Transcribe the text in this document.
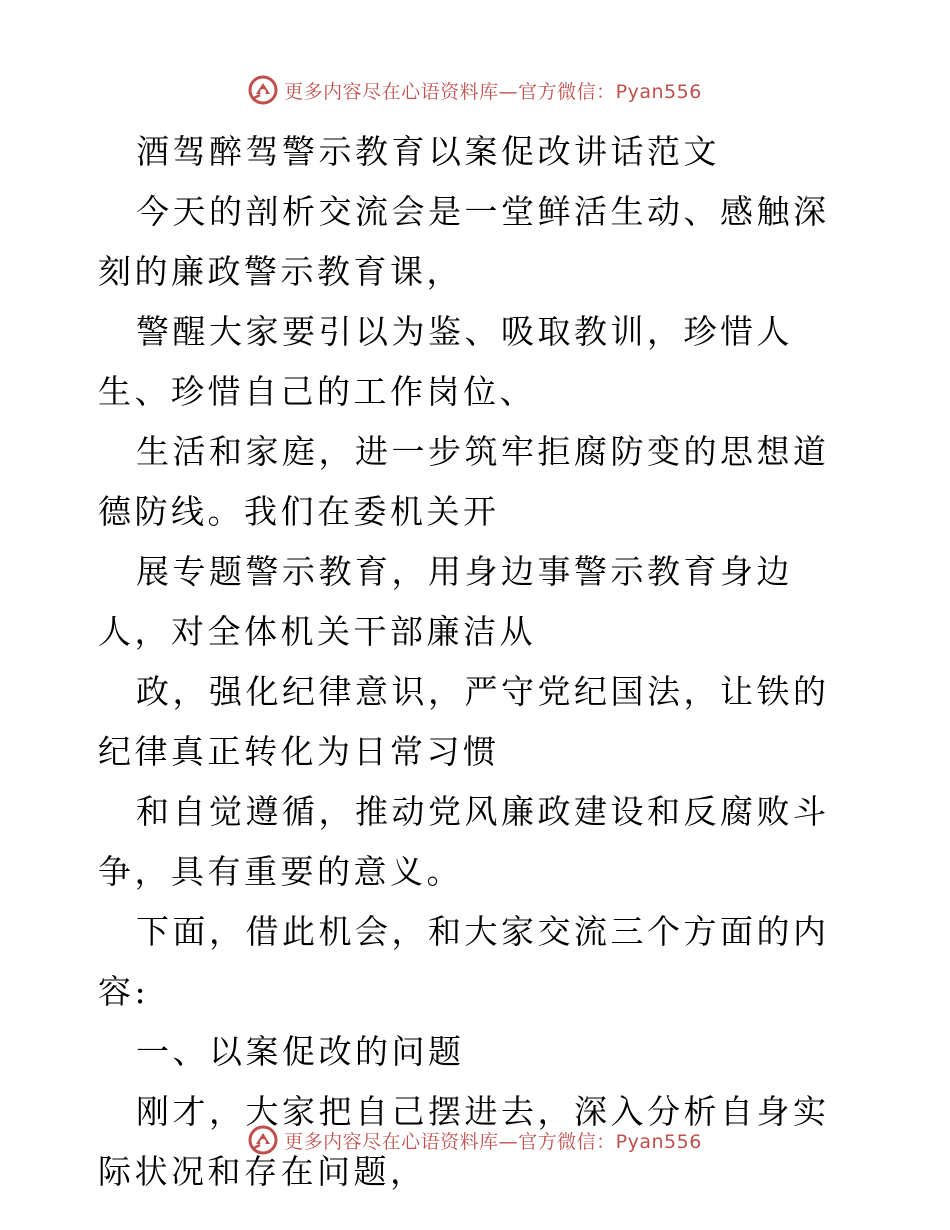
更多内容尽在心语资料库—官方微信：Pyan556

酒驾醉驾警示教育以案促改讲话范文

今天的剖析交流会是一堂鲜活生动、感触深刻的廉政警示教育课，

警醒大家要引以为鉴、吸取教训，珍惜人生、珍惜自己的工作岗位、

生活和家庭，进一步筑牢拒腐防变的思想道德防线。我们在委机关开

展专题警示教育，用身边事警示教育身边人，对全体机关干部廉洁从

政，强化纪律意识，严守党纪国法，让铁的纪律真正转化为日常习惯

和自觉遵循，推动党风廉政建设和反腐败斗争，具有重要的意义。

下面，借此机会，和大家交流三个方面的内容:

一、以案促改的问题

刚才，大家把自己摆进去，深入分析自身实际状况和存在问题，

更多内容尽在心语资料库—官方微信：Pyan556
